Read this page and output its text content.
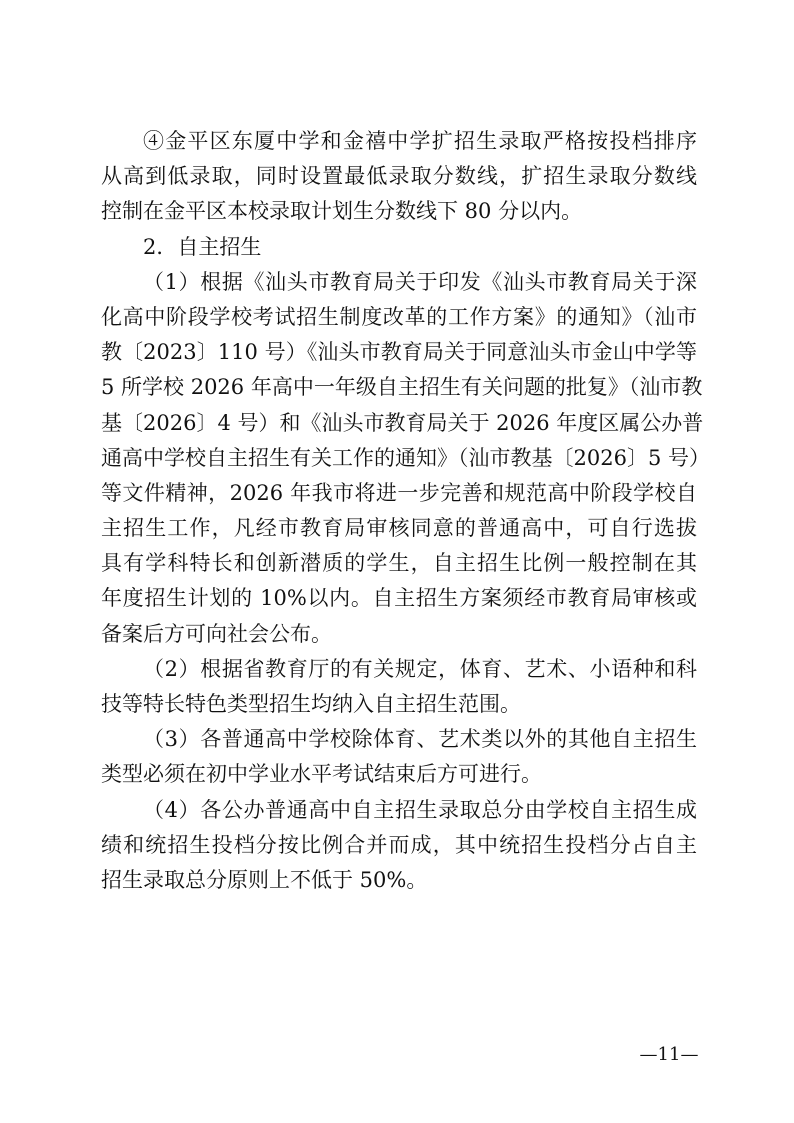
④金平区东厦中学和金禧中学扩招生录取严格按投档排序
从高到低录取，同时设置最低录取分数线，扩招生录取分数线
控制在金平区本校录取计划生分数线下 80 分以内。
2．自主招生
（1）根据《汕头市教育局关于印发《汕头市教育局关于深
化高中阶段学校考试招生制度改革的工作方案》的通知》（汕市
教〔2023〕110 号）《汕头市教育局关于同意汕头市金山中学等
5 所学校 2026 年高中一年级自主招生有关问题的批复》（汕市教
基〔2026〕4 号）和《汕头市教育局关于 2026 年度区属公办普
通高中学校自主招生有关工作的通知》（汕市教基〔2026〕5 号）
等文件精神，2026 年我市将进一步完善和规范高中阶段学校自
主招生工作，凡经市教育局审核同意的普通高中，可自行选拔
具有学科特长和创新潜质的学生，自主招生比例一般控制在其
年度招生计划的 10%以内。自主招生方案须经市教育局审核或
备案后方可向社会公布。
（2）根据省教育厅的有关规定，体育、艺术、小语种和科
技等特长特色类型招生均纳入自主招生范围。
（3）各普通高中学校除体育、艺术类以外的其他自主招生
类型必须在初中学业水平考试结束后方可进行。
（4）各公办普通高中自主招生录取总分由学校自主招生成
绩和统招生投档分按比例合并而成，其中统招生投档分占自主
招生录取总分原则上不低于 50%。
—11—
